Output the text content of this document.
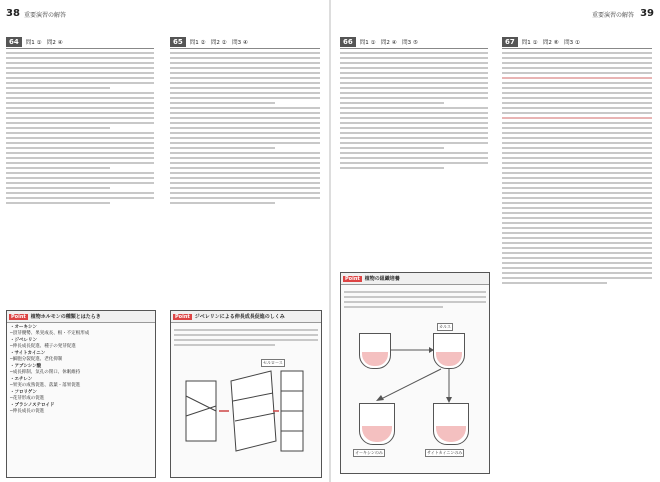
38 重要演習の解答
64	問1 ①　問2 ④	65	問1 ②　問2 ②　問3 ④
Point	植物ホルモンの種類とはたらき
・オーキシン
─頂芽優勢、果実成長、根・不定根形成
・ジベレリン
─伸長成長促進、種子の発芽促進
・サイトカイニン
─細胞分裂促進、老化抑制
・アブシシン酸
─成長抑制、気孔の閉口、休眠維持
・エチレン
─果実の成熟促進、落葉・落果促進
・フロリゲン
─花芽形成の促進
・ブラシノステロイド
─伸長成長の促進
Point	ジベレリンによる伸長成長促進のしくみ
セルロース
39
重要演習の解答
66	問1 ①　問2 ④　問3 ⑤	67	問1 ①　問2 ⑧　問3 ①
Point	植物の組織培養
カルス
オーキシンのみ	サイトカイニンのみ
